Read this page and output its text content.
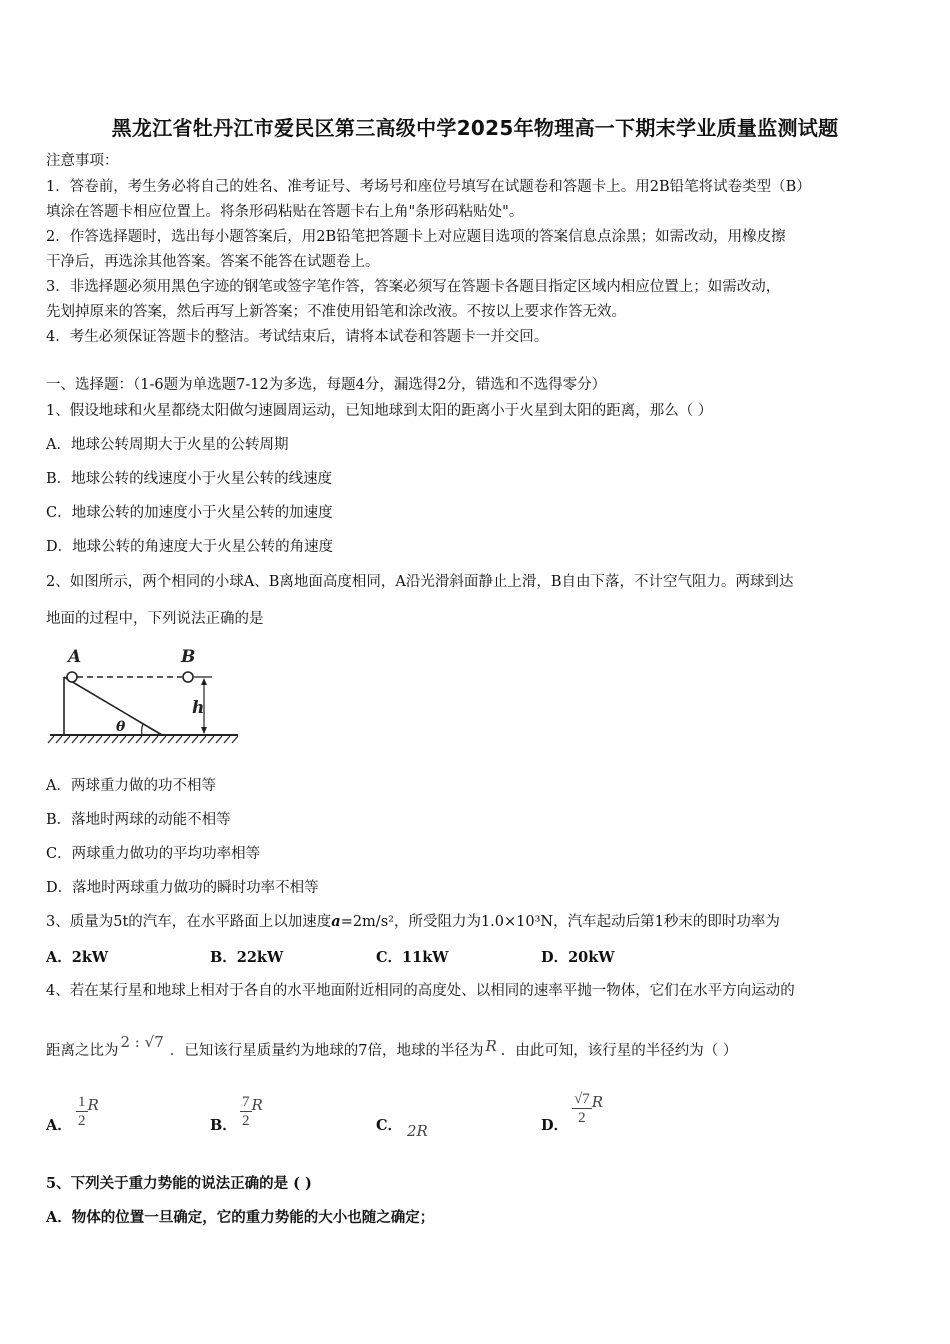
黑龙江省牡丹江市爱民区第三高级中学2025年物理高一下期末学业质量监测试题
注意事项：
1．答卷前，考生务必将自己的姓名、准考证号、考场号和座位号填写在试题卷和答题卡上。用2B铅笔将试卷类型（B）
填涂在答题卡相应位置上。将条形码粘贴在答题卡右上角"条形码粘贴处"。
2．作答选择题时，选出每小题答案后，用2B铅笔把答题卡上对应题目选项的答案信息点涂黑；如需改动，用橡皮擦
干净后，再选涂其他答案。答案不能答在试题卷上。
3．非选择题必须用黑色字迹的钢笔或签字笔作答，答案必须写在答题卡各题目指定区域内相应位置上；如需改动，
先划掉原来的答案，然后再写上新答案；不准使用铅笔和涂改液。不按以上要求作答无效。
4．考生必须保证答题卡的整洁。考试结束后，请将本试卷和答题卡一并交回。
一、选择题：（1-6题为单选题7-12为多选，每题4分，漏选得2分，错选和不选得零分）
1、假设地球和火星都绕太阳做匀速圆周运动，已知地球到太阳的距离小于火星到太阳的距离，那么（ ）
A．地球公转周期大于火星的公转周期
B．地球公转的线速度小于火星公转的线速度
C．地球公转的加速度小于火星公转的加速度
D．地球公转的角速度大于火星公转的角速度
2、如图所示，两个相同的小球A、B离地面高度相同，A沿光滑斜面静止上滑，B自由下落，不计空气阻力。两球到达
地面的过程中，下列说法正确的是
A	B
h
θ
A．两球重力做的功不相等
B．落地时两球的动能不相等
C．两球重力做功的平均功率相等
D．落地时两球重力做功的瞬时功率不相等
3、质量为5t的汽车，在水平路面上以加速度a=2m/s²，所受阻力为1.0×10³N，汽车起动后第1秒末的即时功率为
A．2kW	B．22kW	C．11kW	D．20kW
4、若在某行星和地球上相对于各自的水平地面附近相同的高度处、以相同的速率平抛一物体，它们在水平方向运动的
距离之比为 2 : √7 ．已知该行星质量约为地球的7倍，地球的半径为 R ．由此可知，该行星的半径约为（ ）
A． $\frac{1}{2}$ R
B． $\frac{7}{2}$ R
C． 2R	D． $\frac{√7}{2}$ R
5、下列关于重力势能的说法正确的是 ( )
A．物体的位置一旦确定，它的重力势能的大小也随之确定；
